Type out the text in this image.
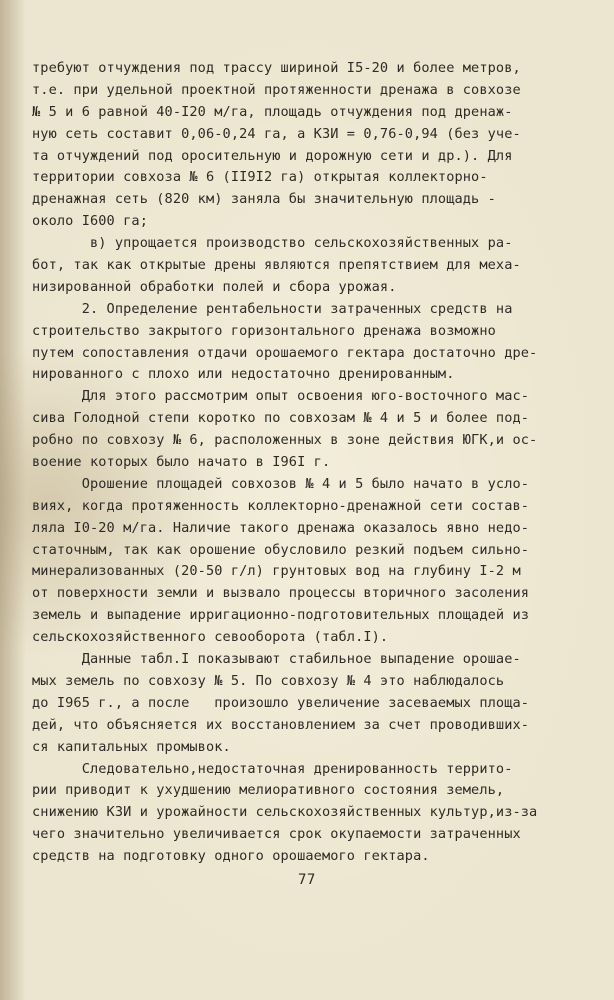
требуют отчуждения под трассу шириной I5-20 и более метров,
т.е. при удельной проектной протяженности дренажа в совхозе
№ 5 и 6 равной 40-I20 м/га, площадь отчуждения под дренаж-
ную сеть составит 0,06-0,24 га, а КЗИ = 0,76-0,94 (без уче-
та отчуждений под оросительную и дорожную сети и др.). Для
территории совхоза № 6 (II9I2 га) открытая коллекторно-
дренажная сеть (820 км) заняла бы значительную площадь -
около I600 га;
в) упрощается производство сельскохозяйственных ра-
бот, так как открытые дрены являются препятствием для меха-
низированной обработки полей и сбора урожая.
2. Определение рентабельности затраченных средств на
строительство закрытого горизонтального дренажа возможно
путем сопоставления отдачи орошаемого гектара достаточно дре-
нированного с плохо или недостаточно дренированным.
Для этого рассмотрим опыт освоения юго-восточного мас-
сива Голодной степи коротко по совхозам № 4 и 5 и более под-
робно по совхозу № 6, расположенных в зоне действия ЮГК,и ос-
воение которых было начато в I96I г.
Орошение площадей совхозов № 4 и 5 было начато в усло-
виях, когда протяженность коллекторно-дренажной сети состав-
ляла I0-20 м/га. Наличие такого дренажа оказалось явно недо-
статочным, так как орошение обусловило резкий подъем сильно-
минерализованных (20-50 г/л) грунтовых вод на глубину I-2 м
от поверхности земли и вызвало процессы вторичного засоления
земель и выпадение ирригационно-подготовительных площадей из
сельскохозяйственного севооборота (табл.I).
Данные табл.I показывают стабильное выпадение орошае-
мых земель по совхозу № 5. По совхозу № 4 это наблюдалось
до I965 г., а после   произошло увеличение засеваемых площа-
дей, что объясняется их восстановлением за счет проводивших-
ся капитальных промывок.
Следовательно,недостаточная дренированность террито-
рии приводит к ухудшению мелиоративного состояния земель,
снижению КЗИ и урожайности сельскохозяйственных культур,из-за
чего значительно увеличивается срок окупаемости затраченных
средств на подготовку одного орошаемого гектара.
77
